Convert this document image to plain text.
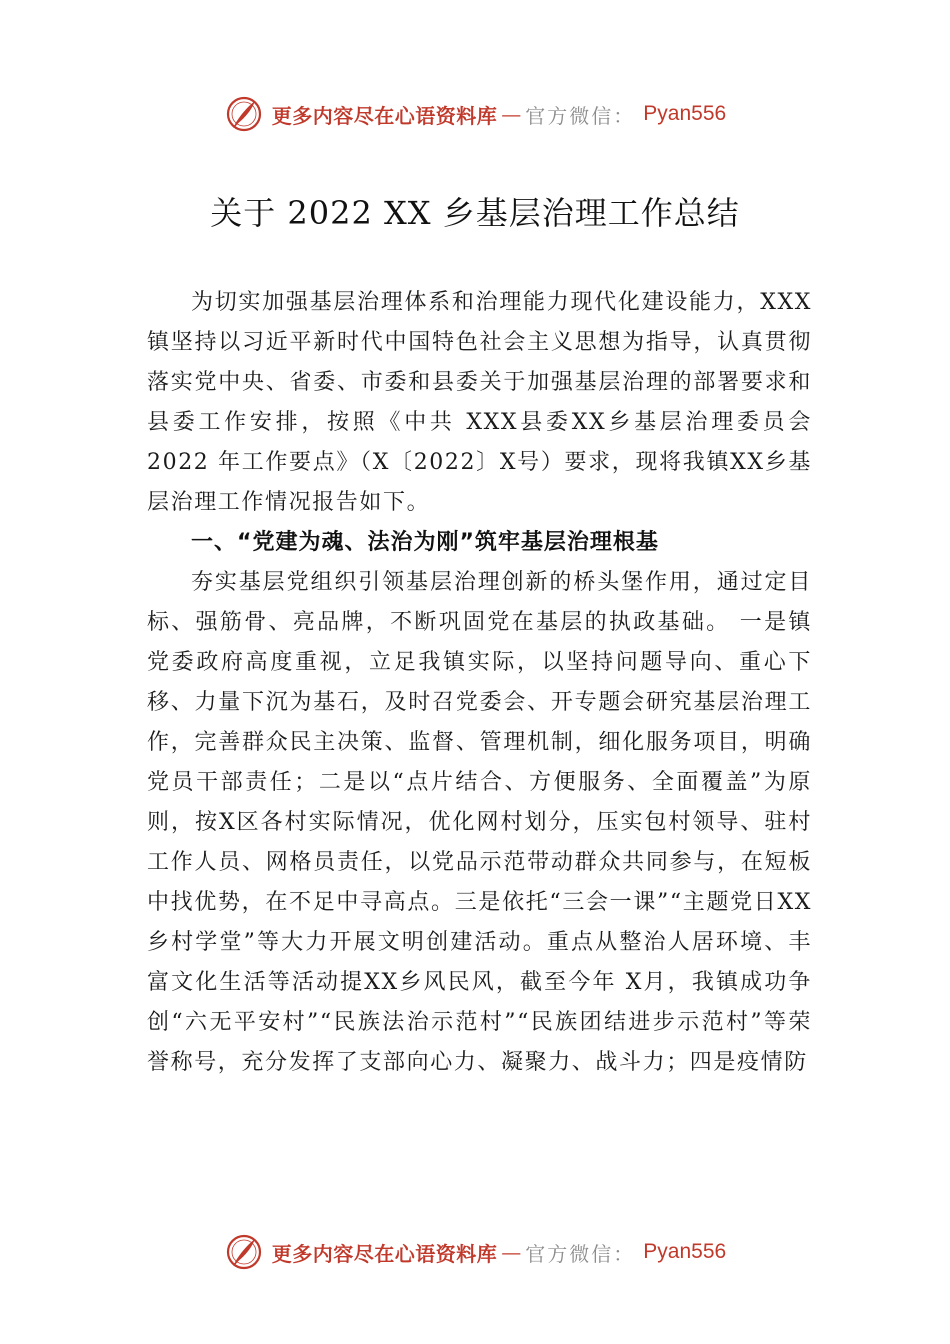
更多内容尽在心语资料库 — 官方微信： Pyan556
关于 2022 XX 乡基层治理工作总结

为切实加强基层治理体系和治理能力现代化建设能力，XXX镇坚持以习近平新时代中国特色社会主义思想为指导，认真贯彻落实党中央、省委、市委和县委关于加强基层治理的部署要求和县委工作安排，按照《中共 XXX县委XX乡基层治理委员会 2022 年工作要点》（X〔2022〕X号）要求，现将我镇XX乡基层治理工作情况报告如下。

一、“党建为魂、法治为刚”筑牢基层治理根基

夯实基层党组织引领基层治理创新的桥头堡作用，通过定目标、强筋骨、亮品牌，不断巩固党在基层的执政基础。 一是镇党委政府高度重视，立足我镇实际，以坚持问题导向、重心下移、力量下沉为基石，及时召党委会、开专题会研究基层治理工作，完善群众民主决策、监督、管理机制，细化服务项目，明确党员干部责任；二是以“点片结合、方便服务、全面覆盖”为原则，按X区各村实际情况，优化网村划分，压实包村领导、驻村工作人员、网格员责任，以党品示范带动群众共同参与，在短板中找优势，在不足中寻高点。三是依托“三会一课”“主题党日XX乡村学堂”等大力开展文明创建活动。重点从整治人居环境、丰富文化生活等活动提XX乡风民风，截至今年 X月，我镇成功争创“六无平安村”“民族法治示范村”“民族团结进步示范村”等荣誉称号，充分发挥了支部向心力、凝聚力、战斗力；四是疫情防

更多内容尽在心语资料库 — 官方微信： Pyan556
